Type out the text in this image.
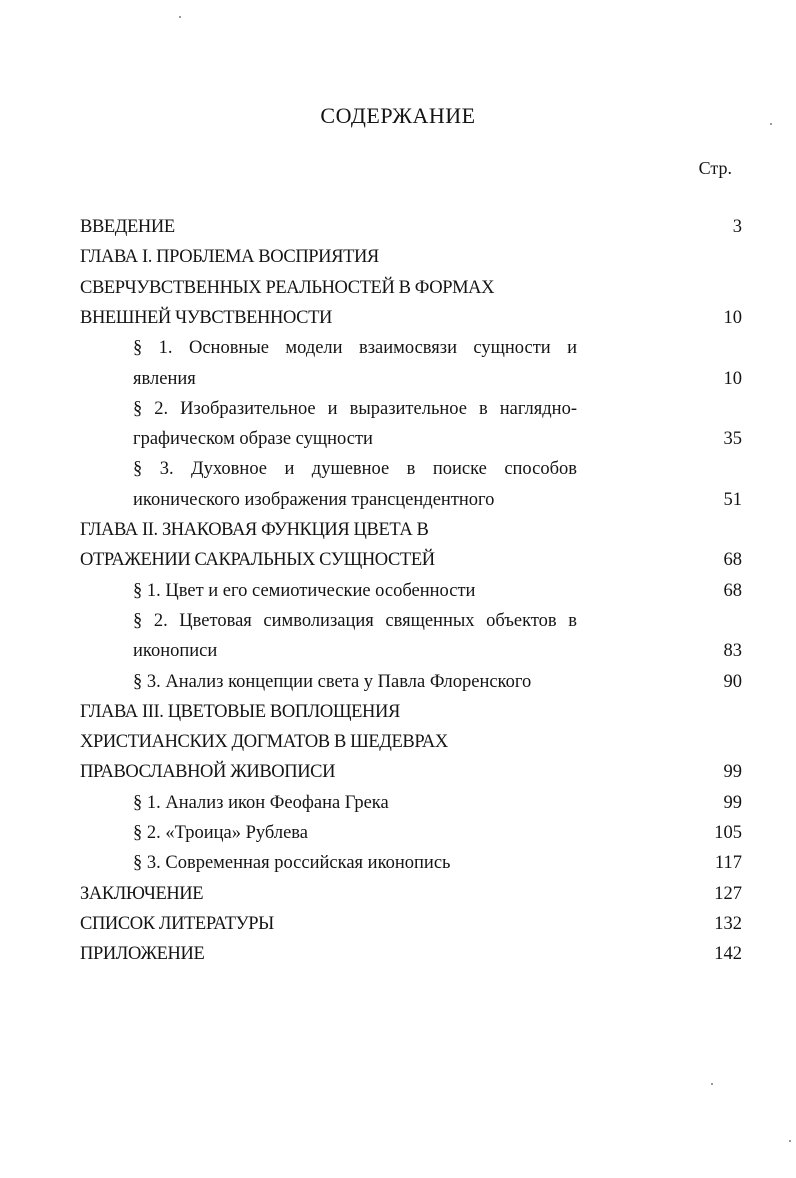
СОДЕРЖАНИЕ
Стр.
ВВЕДЕНИЕ	3
ГЛАВА I. ПРОБЛЕМА ВОСПРИЯТИЯ
СВЕРЧУВСТВЕННЫХ РЕАЛЬНОСТЕЙ В ФОРМАХ
ВНЕШНЕЙ ЧУВСТВЕННОСТИ	10
§ 1. Основные модели взаимосвязи сущности и
явления	10
§ 2. Изобразительное и выразительное в наглядно-
графическом образе сущности	35
§ 3. Духовное и душевное в поиске способов
иконического изображения трансцендентного	51
ГЛАВА II. ЗНАКОВАЯ ФУНКЦИЯ ЦВЕТА В
ОТРАЖЕНИИ САКРАЛЬНЫХ СУЩНОСТЕЙ	68
§ 1. Цвет и его семиотические особенности	68
§ 2. Цветовая символизация священных объектов в
иконописи	83
§ 3. Анализ концепции света у Павла Флоренского	90
ГЛАВА III. ЦВЕТОВЫЕ ВОПЛОЩЕНИЯ
ХРИСТИАНСКИХ ДОГМАТОВ В ШЕДЕВРАХ
ПРАВОСЛАВНОЙ ЖИВОПИСИ	99
§ 1. Анализ икон Феофана Грека	99
§ 2. «Троица» Рублева	105
§ 3. Современная российская иконопись	117
ЗАКЛЮЧЕНИЕ	127
СПИСОК ЛИТЕРАТУРЫ	132
ПРИЛОЖЕНИЕ	142
